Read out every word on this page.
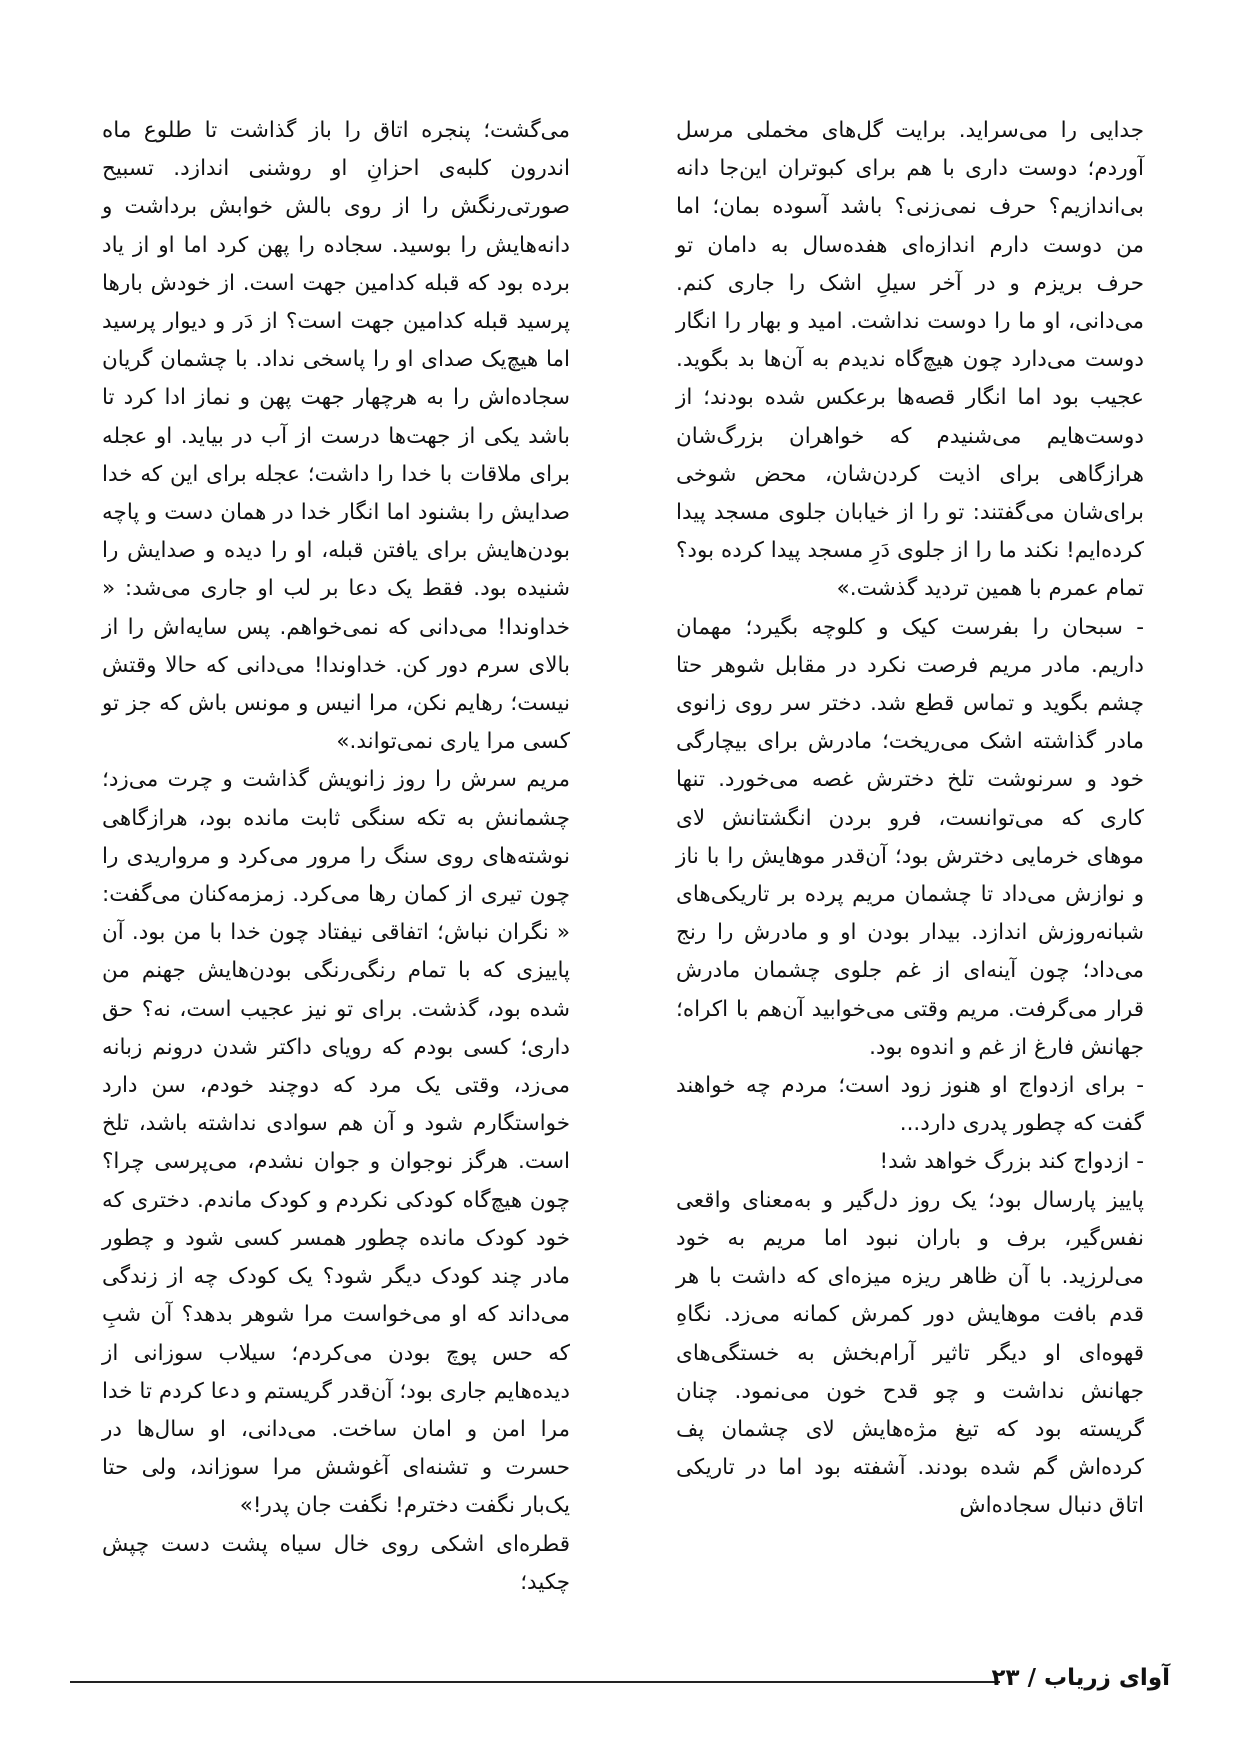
جدایی را می‌سراید. برایت گل‌های مخملی مرسل آوردم؛ دوست داری با هم برای کبوتران این‌جا دانه بی‌اندازیم؟ حرف نمی‌زنی؟ باشد آسوده بمان؛ اما من دوست دارم اندازه‌ای هفده‌سال به دامان تو حرف بریزم و در آخر سیلِ اشک را جاری کنم. می‌دانی، او ما را دوست نداشت. امید و بهار را انگار دوست می‌دارد چون هیچ‌گاه ندیدم به آن‌ها بد بگوید. عجیب بود اما انگار قصه‌ها برعکس شده بودند؛ از دوست‌هایم می‌شنیدم که خواهران بزرگ‌شان هرازگاهی برای اذیت کردن‌شان، محض شوخی برای‌شان می‌گفتند: تو را از خیابان جلوی مسجد پیدا کرده‌ایم! نکند ما را از جلوی دَرِ مسجد پیدا کرده بود؟ تمام عمرم با همین تردید گذشت.»

- سبحان را بفرست کیک و کلوچه بگیرد؛ مهمان داریم. مادر مریم فرصت نکرد در مقابل شوهر حتا چشم بگوید و تماس قطع شد. دختر سر روی زانوی مادر گذاشته اشک می‌ریخت؛ مادرش برای بیچارگی خود و سرنوشت تلخ دخترش غصه می‌خورد. تنها کاری که می‌توانست، فرو بردن انگشتانش لای موهای خرمایی دخترش بود؛ آن‌قدر موهایش را با ناز و نوازش می‌داد تا چشمان مریم پرده بر تاریکی‌های شبانه‌روزش اندازد. بیدار بودن او و مادرش را رنج می‌داد؛ چون آینه‌ای از غم جلوی چشمان مادرش قرار می‌گرفت. مریم وقتی می‌خوابید آن‌هم با اکراه؛ جهانش فارغ از غم و اندوه بود.

- برای ازدواج او هنوز زود است؛ مردم چه خواهند گفت که چطور پدری دارد...

- ازدواج کند بزرگ خواهد شد!

پاییز پارسال بود؛ یک روز دل‌گیر و به‌معنای واقعی نفس‌گیر، برف و باران نبود اما مریم به خود می‌لرزید. با آن ظاهر ریزه میزه‌ای که داشت با هر قدم بافت موهایش دور کمرش کمانه می‌زد. نگاهِ قهوه‌ای او دیگر تاثیر آرام‌بخش به خستگی‌های جهانش نداشت و چو قدح خون می‌نمود. چنان گریسته بود که تیغ مژه‌هایش لای چشمان پف کرده‌اش گم شده بودند. آشفته بود اما در تاریکی اتاق دنبال سجاده‌اش

می‌گشت؛ پنجره اتاق را باز گذاشت تا طلوع ماه اندرون کلبه‌ی احزانِ او روشنی اندازد. تسبیح صورتی‌رنگش را از روی بالش خوابش برداشت و دانه‌هایش را بوسید. سجاده را پهن کرد اما او از یاد برده بود که قبله کدامین جهت است. از خودش بارها پرسید قبله کدامین جهت است؟ از دَر و دیوار پرسید اما هیچ‌یک صدای او را پاسخی نداد. با چشمان گریان سجاده‌اش را به هرچهار جهت پهن و نماز ادا کرد تا باشد یکی از جهت‌ها درست از آب در بیاید. او عجله برای ملاقات با خدا را داشت؛ عجله برای این که خدا صدایش را بشنود اما انگار خدا در همان دست و پاچه بودن‌هایش برای یافتن قبله، او را دیده و صدایش را شنیده بود. فقط یک دعا بر لب او جاری می‌شد: « خداوندا! می‌دانی که نمی‌خواهم. پس سایه‌اش را از بالای سرم دور کن. خداوندا! می‌دانی که حالا وقتش نیست؛ رهایم نکن، مرا انیس و مونس باش که جز تو کسی مرا یاری نمی‌تواند.»

مریم سرش را روز زانویش گذاشت و چرت می‌زد؛ چشمانش به تکه سنگی ثابت مانده بود، هرازگاهی نوشته‌های روی سنگ را مرور می‌کرد و مرواریدی را چون تیری از کمان رها می‌کرد. زمزمه‌کنان می‌گفت: « نگران نباش؛ اتفاقی نیفتاد چون خدا با من بود. آن پاییزی که با تمام رنگی‌رنگی بودن‌هایش جهنم من شده بود، گذشت. برای تو نیز عجیب است، نه؟ حق داری؛ کسی بودم که رویای داکتر شدن درونم زبانه می‌زد، وقتی یک مرد که دوچند خودم، سن دارد خواستگارم شود و آن هم سوادی نداشته باشد، تلخ است. هرگز نوجوان و جوان نشدم، می‌پرسی چرا؟ چون هیچ‌گاه کودکی نکردم و کودک ماندم. دختری که خود کودک مانده چطور همسر کسی شود و چطور مادر چند کودک دیگر شود؟ یک کودک چه از زندگی می‌داند که او می‌خواست مرا شوهر بدهد؟ آن شبِ که حس پوچ بودن می‌کردم؛ سیلاب سوزانی از دیده‌هایم جاری بود؛ آن‌قدر گریستم و دعا کردم تا خدا مرا امن و امان ساخت. می‌دانی، او سال‌ها در حسرت و تشنه‌ای آغوشش مرا سوزاند، ولی حتا یک‌بار نگفت دخترم! نگفت جان پدر!»

قطره‌ای اشکی روی خال سیاه پشت دست چپش چکید؛

آوای زریاب / ۲۳
